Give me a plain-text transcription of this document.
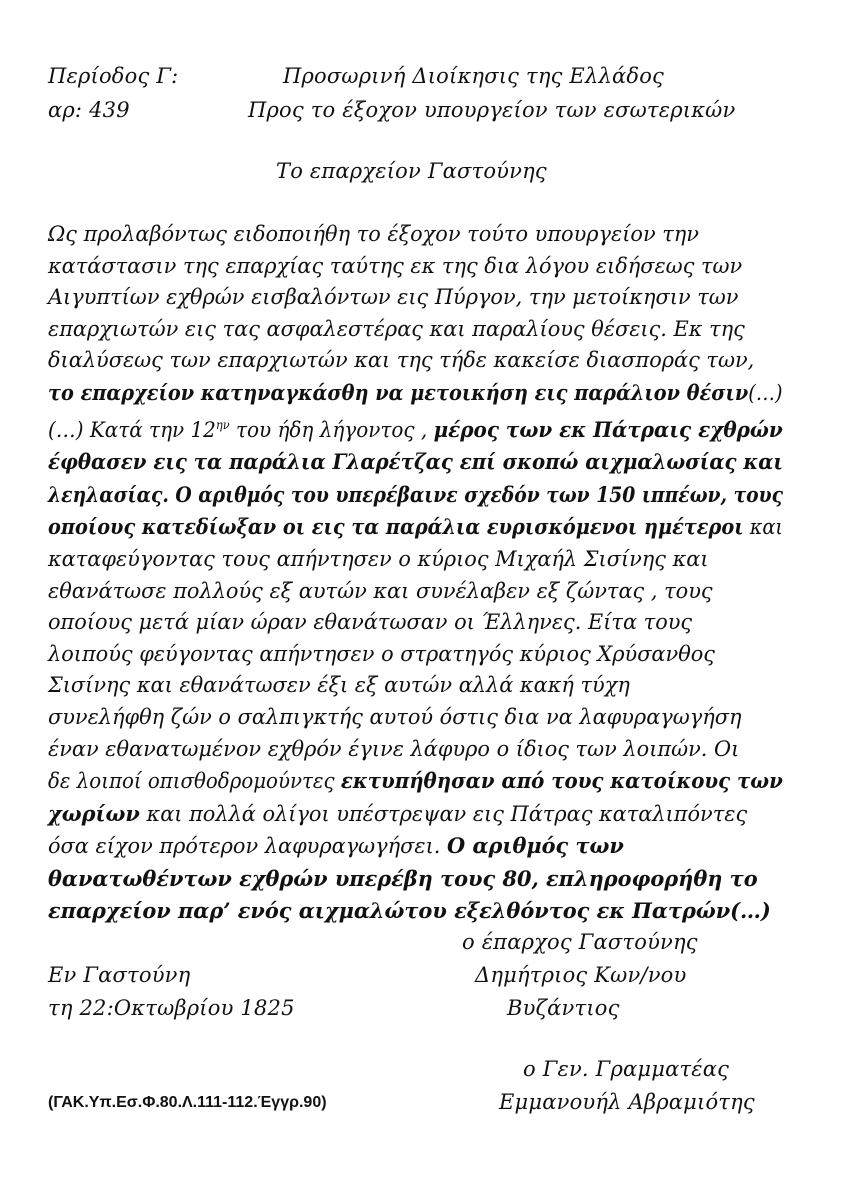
Περίοδος Γ:	Προσωρινή Διοίκησις της Ελλάδος
αρ: 439	Προς το έξοχον υπουργείον των εσωτερικών
Το επαρχείον Γαστούνης
Ως προλαβόντως ειδοποιήθη το έξοχον τούτο υπουργείον την
κατάστασιν της επαρχίας ταύτης εκ της δια λόγου ειδήσεως των
Αιγυπτίων εχθρών εισβαλόντων εις Πύργον, την μετοίκησιν των
επαρχιωτών εις τας ασφαλεστέρας και παραλίους θέσεις. Εκ της
διαλύσεως των επαρχιωτών και της τήδε κακείσε διασποράς των,
το επαρχείον κατηναγκάσθη να μετοικήση εις παράλιον θέσιν(…)
(…) Κατά την $12^{\eta\nu}$ του ήδη λήγοντος , μέρος των εκ Πάτραις εχθρών
έφθασεν εις τα παράλια Γλαρέτζας επί σκοπώ αιχμαλωσίας και
λεηλασίας. Ο αριθμός του υπερέβαινε σχεδόν των 150 ιππέων, τους
οποίους κατεδίωξαν οι εις τα παράλια ευρισκόμενοι ημέτεροι και
καταφεύγοντας τους απήντησεν ο κύριος Μιχαήλ Σισίνης και
εθανάτωσε πολλούς εξ αυτών και συνέλαβεν εξ ζώντας , τους
οποίους μετά μίαν ώραν εθανάτωσαν οι Έλληνες. Είτα τους
λοιπούς φεύγοντας απήντησεν ο στρατηγός κύριος Χρύσανθος
Σισίνης και εθανάτωσεν έξι εξ αυτών αλλά κακή τύχη
συνελήφθη ζών ο σαλπιγκτής αυτού όστις δια να λαφυραγωγήση
έναν εθανατωμένον εχθρόν έγινε λάφυρο ο ίδιος των λοιπών. Οι
δε λοιποί οπισθοδρομούντες εκτυπήθησαν από τους κατοίκους των
χωρίων και πολλά ολίγοι υπέστρεψαν εις Πάτρας καταλιπόντες
όσα είχον πρότερον λαφυραγωγήσει. Ο αριθμός των
θανατωθέντων εχθρών υπερέβη τους 80, επληροφορήθη το
επαρχείον παρ’ ενός αιχμαλώτου εξελθόντος εκ Πατρών(…)
ο έπαρχος Γαστούνης
Εν Γαστούνη	Δημήτριος Κων/νου
τη 22:Οκτωβρίου 1825	Βυζάντιος
ο Γεν. Γραμματέας
(ΓΑΚ.Υπ.Εσ.Φ.80.Λ.111-112.Έγγρ.90)	Εμμανουήλ Αβραμιότης
